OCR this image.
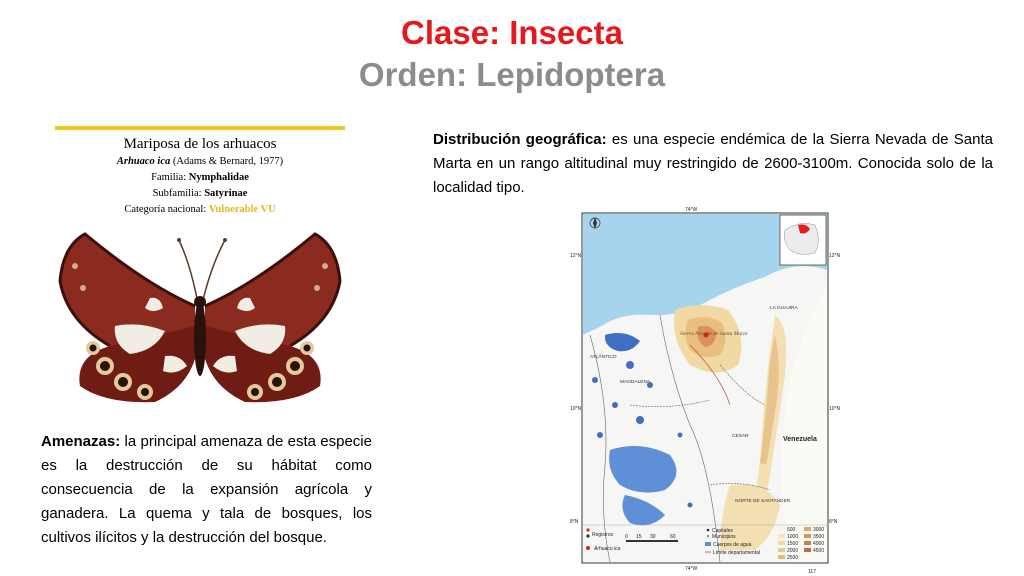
Clase: Insecta
Orden: Lepidoptera
Mariposa de los arhuacos
Arhuaco ica (Adams & Bernard, 1977)
Familia: Nymphalidae
Subfamilia: Satyrinae
Categoría nacional: Vulnerable VU
Distribución geográfica: es una especie endémica de la Sierra Nevada de Santa Marta en un rango altitudinal muy restringido de 2600-3100m. Conocida solo de la localidad tipo.
Amenazas: la principal amenaza de esta especie es la destrucción de su hábitat como consecuencia de la expansión agrícola y ganadera. La quema y tala de bosques, los cultivos ilícitos y la destrucción del bosque.
74°W
12°N	12°N
10°N	10°N
8°N	8°N
LA GUAJIRA
ATLÁNTICO
MAGDALENA
CESAR
NORTE DE SANTANDER
Sierra Nevada de Santa Marta
Venezuela
Registros
Arhuaco ica
0 15 30	60
Capitales
Municipios
Cuerpos de agua
Límite departamental
500
1000
1500
2000
2500
3000
3500
4000
4500
74°W	117
